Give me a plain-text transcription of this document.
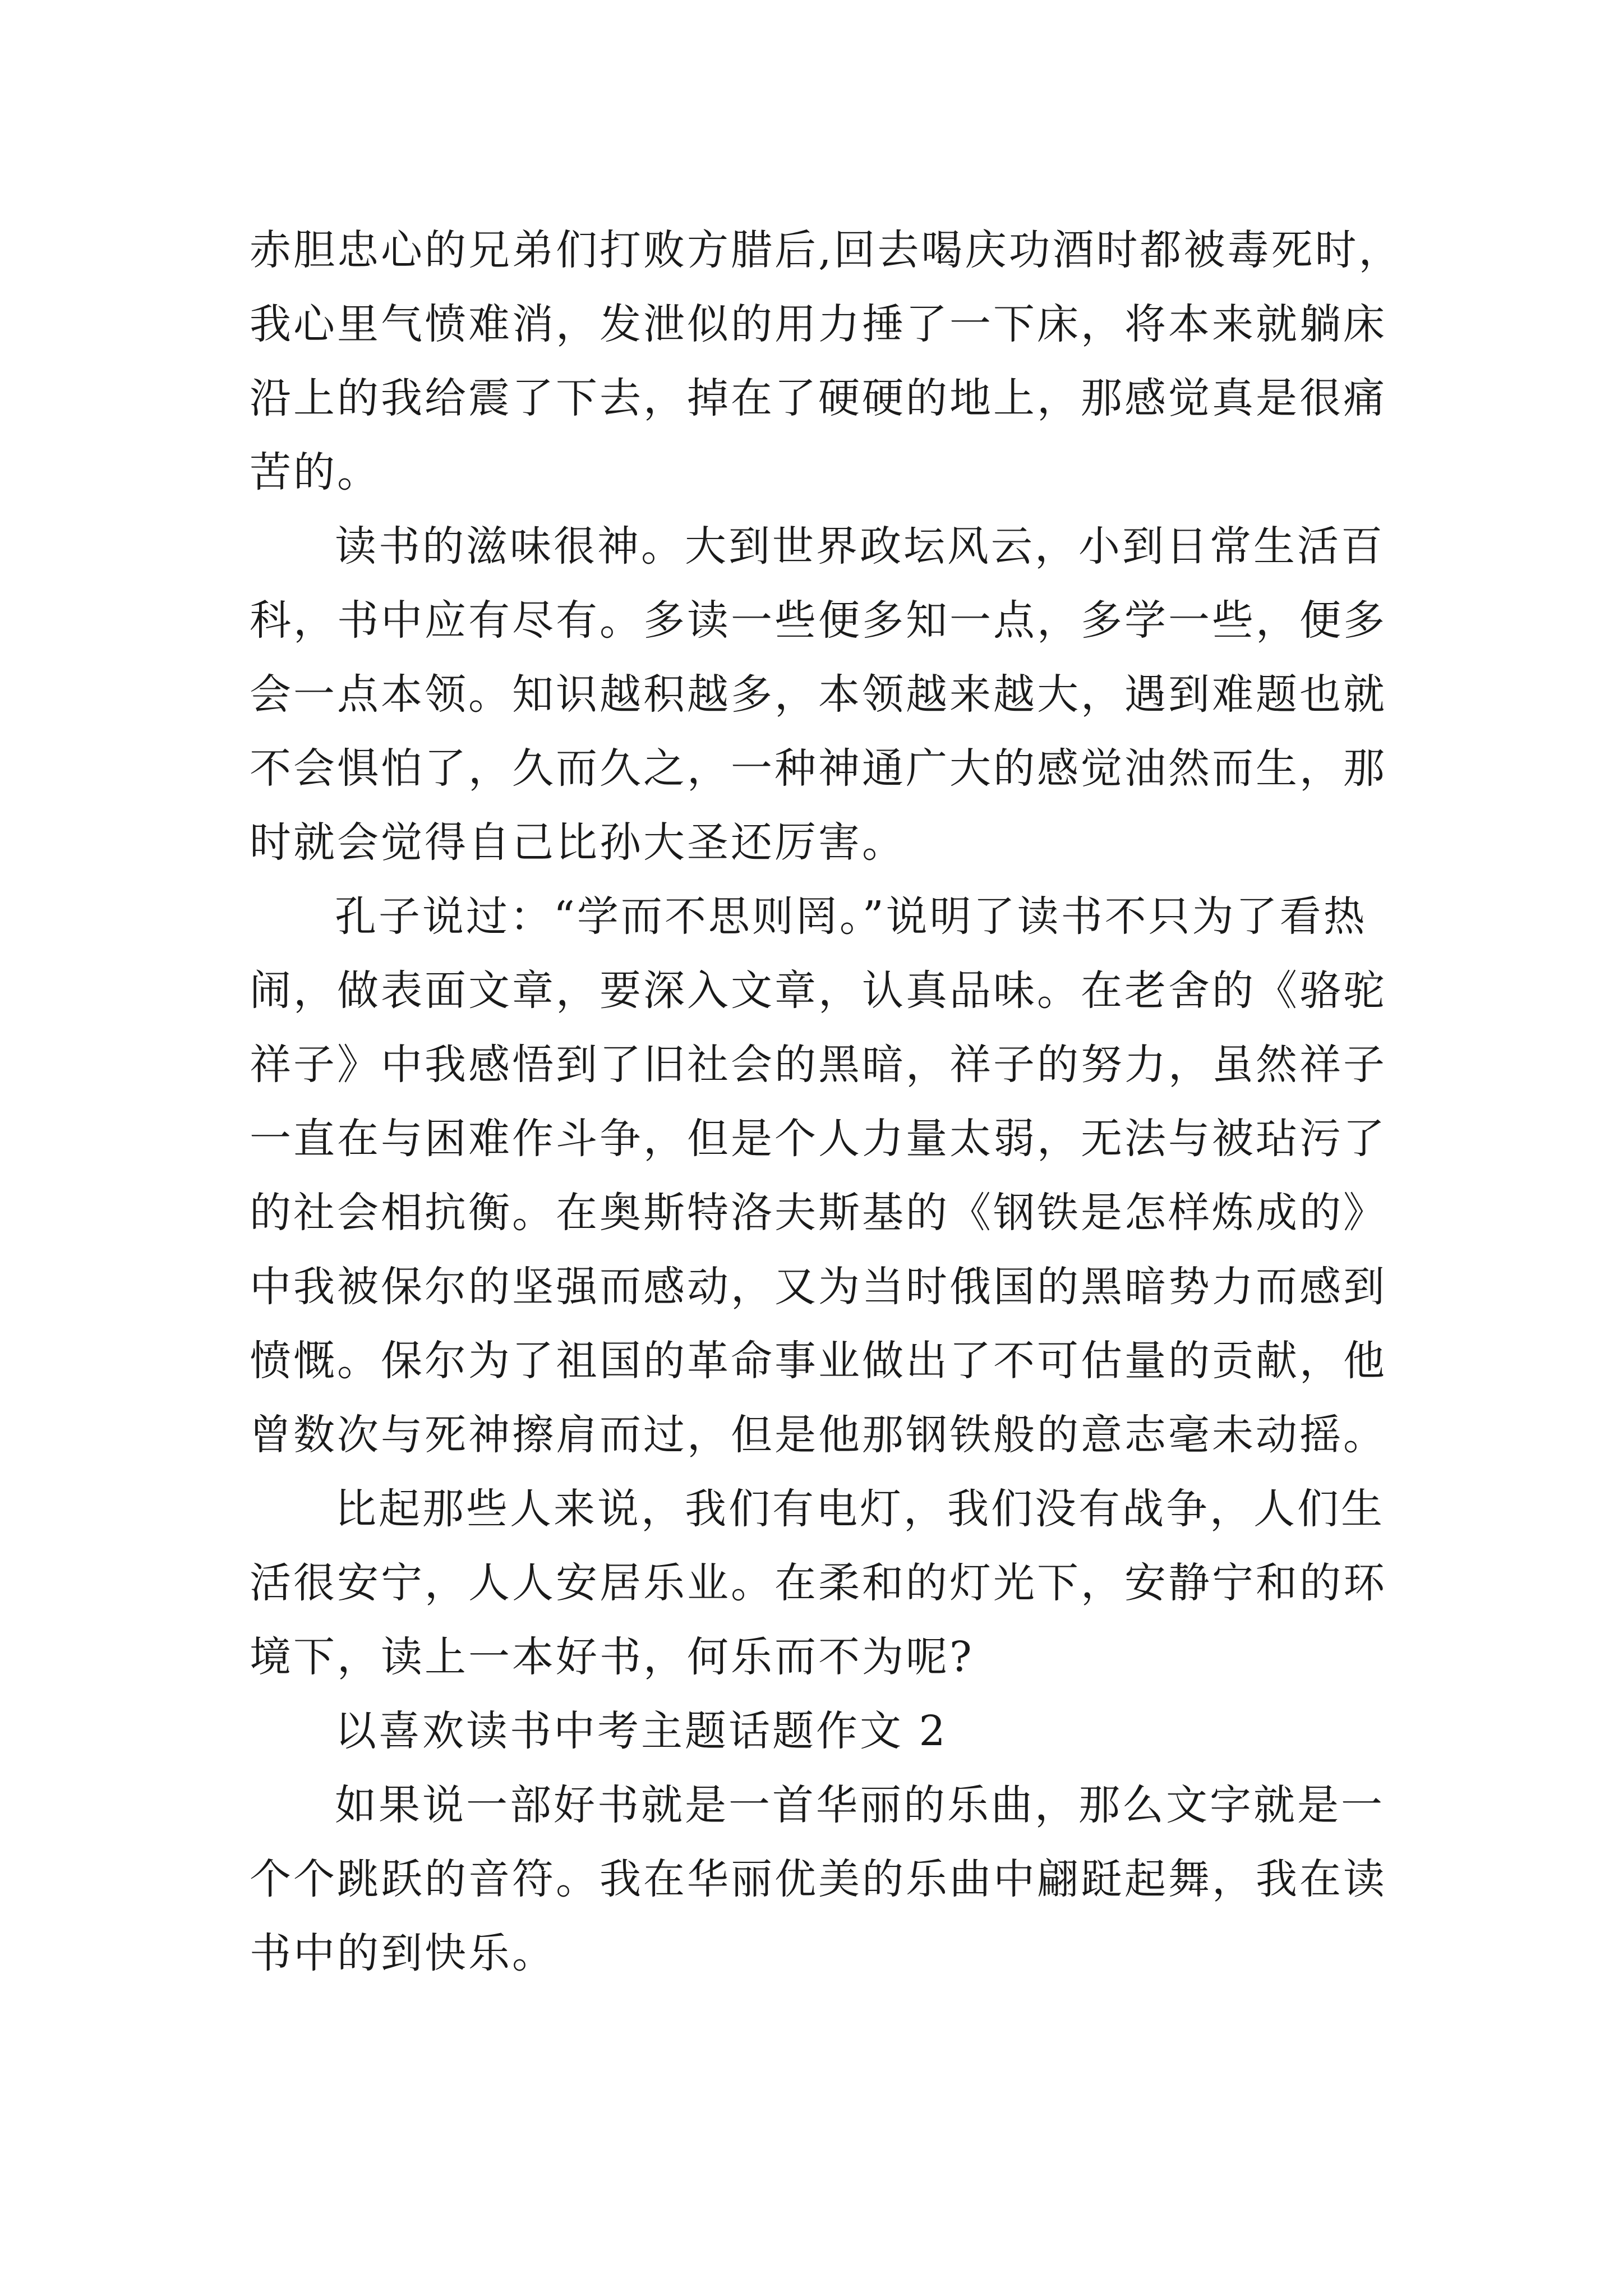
赤胆忠心的兄弟们打败方腊后,回去喝庆功酒时都被毒死时，
我心里气愤难消，发泄似的用力捶了一下床，将本来就躺床
沿上的我给震了下去，掉在了硬硬的地上，那感觉真是很痛
苦的。

读书的滋味很神。大到世界政坛风云，小到日常生活百
科，书中应有尽有。多读一些便多知一点，多学一些，便多
会一点本领。知识越积越多，本领越来越大，遇到难题也就
不会惧怕了，久而久之，一种神通广大的感觉油然而生，那
时就会觉得自己比孙大圣还厉害。

孔子说过：“学而不思则罔。”说明了读书不只为了看热
闹，做表面文章，要深入文章，认真品味。在老舍的《骆驼
祥子》中我感悟到了旧社会的黑暗，祥子的努力，虽然祥子
一直在与困难作斗争，但是个人力量太弱，无法与被玷污了
的社会相抗衡。在奥斯特洛夫斯基的《钢铁是怎样炼成的》
中我被保尔的坚强而感动，又为当时俄国的黑暗势力而感到
愤慨。保尔为了祖国的革命事业做出了不可估量的贡献，他
曾数次与死神擦肩而过，但是他那钢铁般的意志毫未动摇。

比起那些人来说，我们有电灯，我们没有战争，人们生
活很安宁，人人安居乐业。在柔和的灯光下，安静宁和的环
境下，读上一本好书，何乐而不为呢?

以喜欢读书中考主题话题作文 2

如果说一部好书就是一首华丽的乐曲，那么文字就是一
个个跳跃的音符。我在华丽优美的乐曲中翩跹起舞，我在读
书中的到快乐。
